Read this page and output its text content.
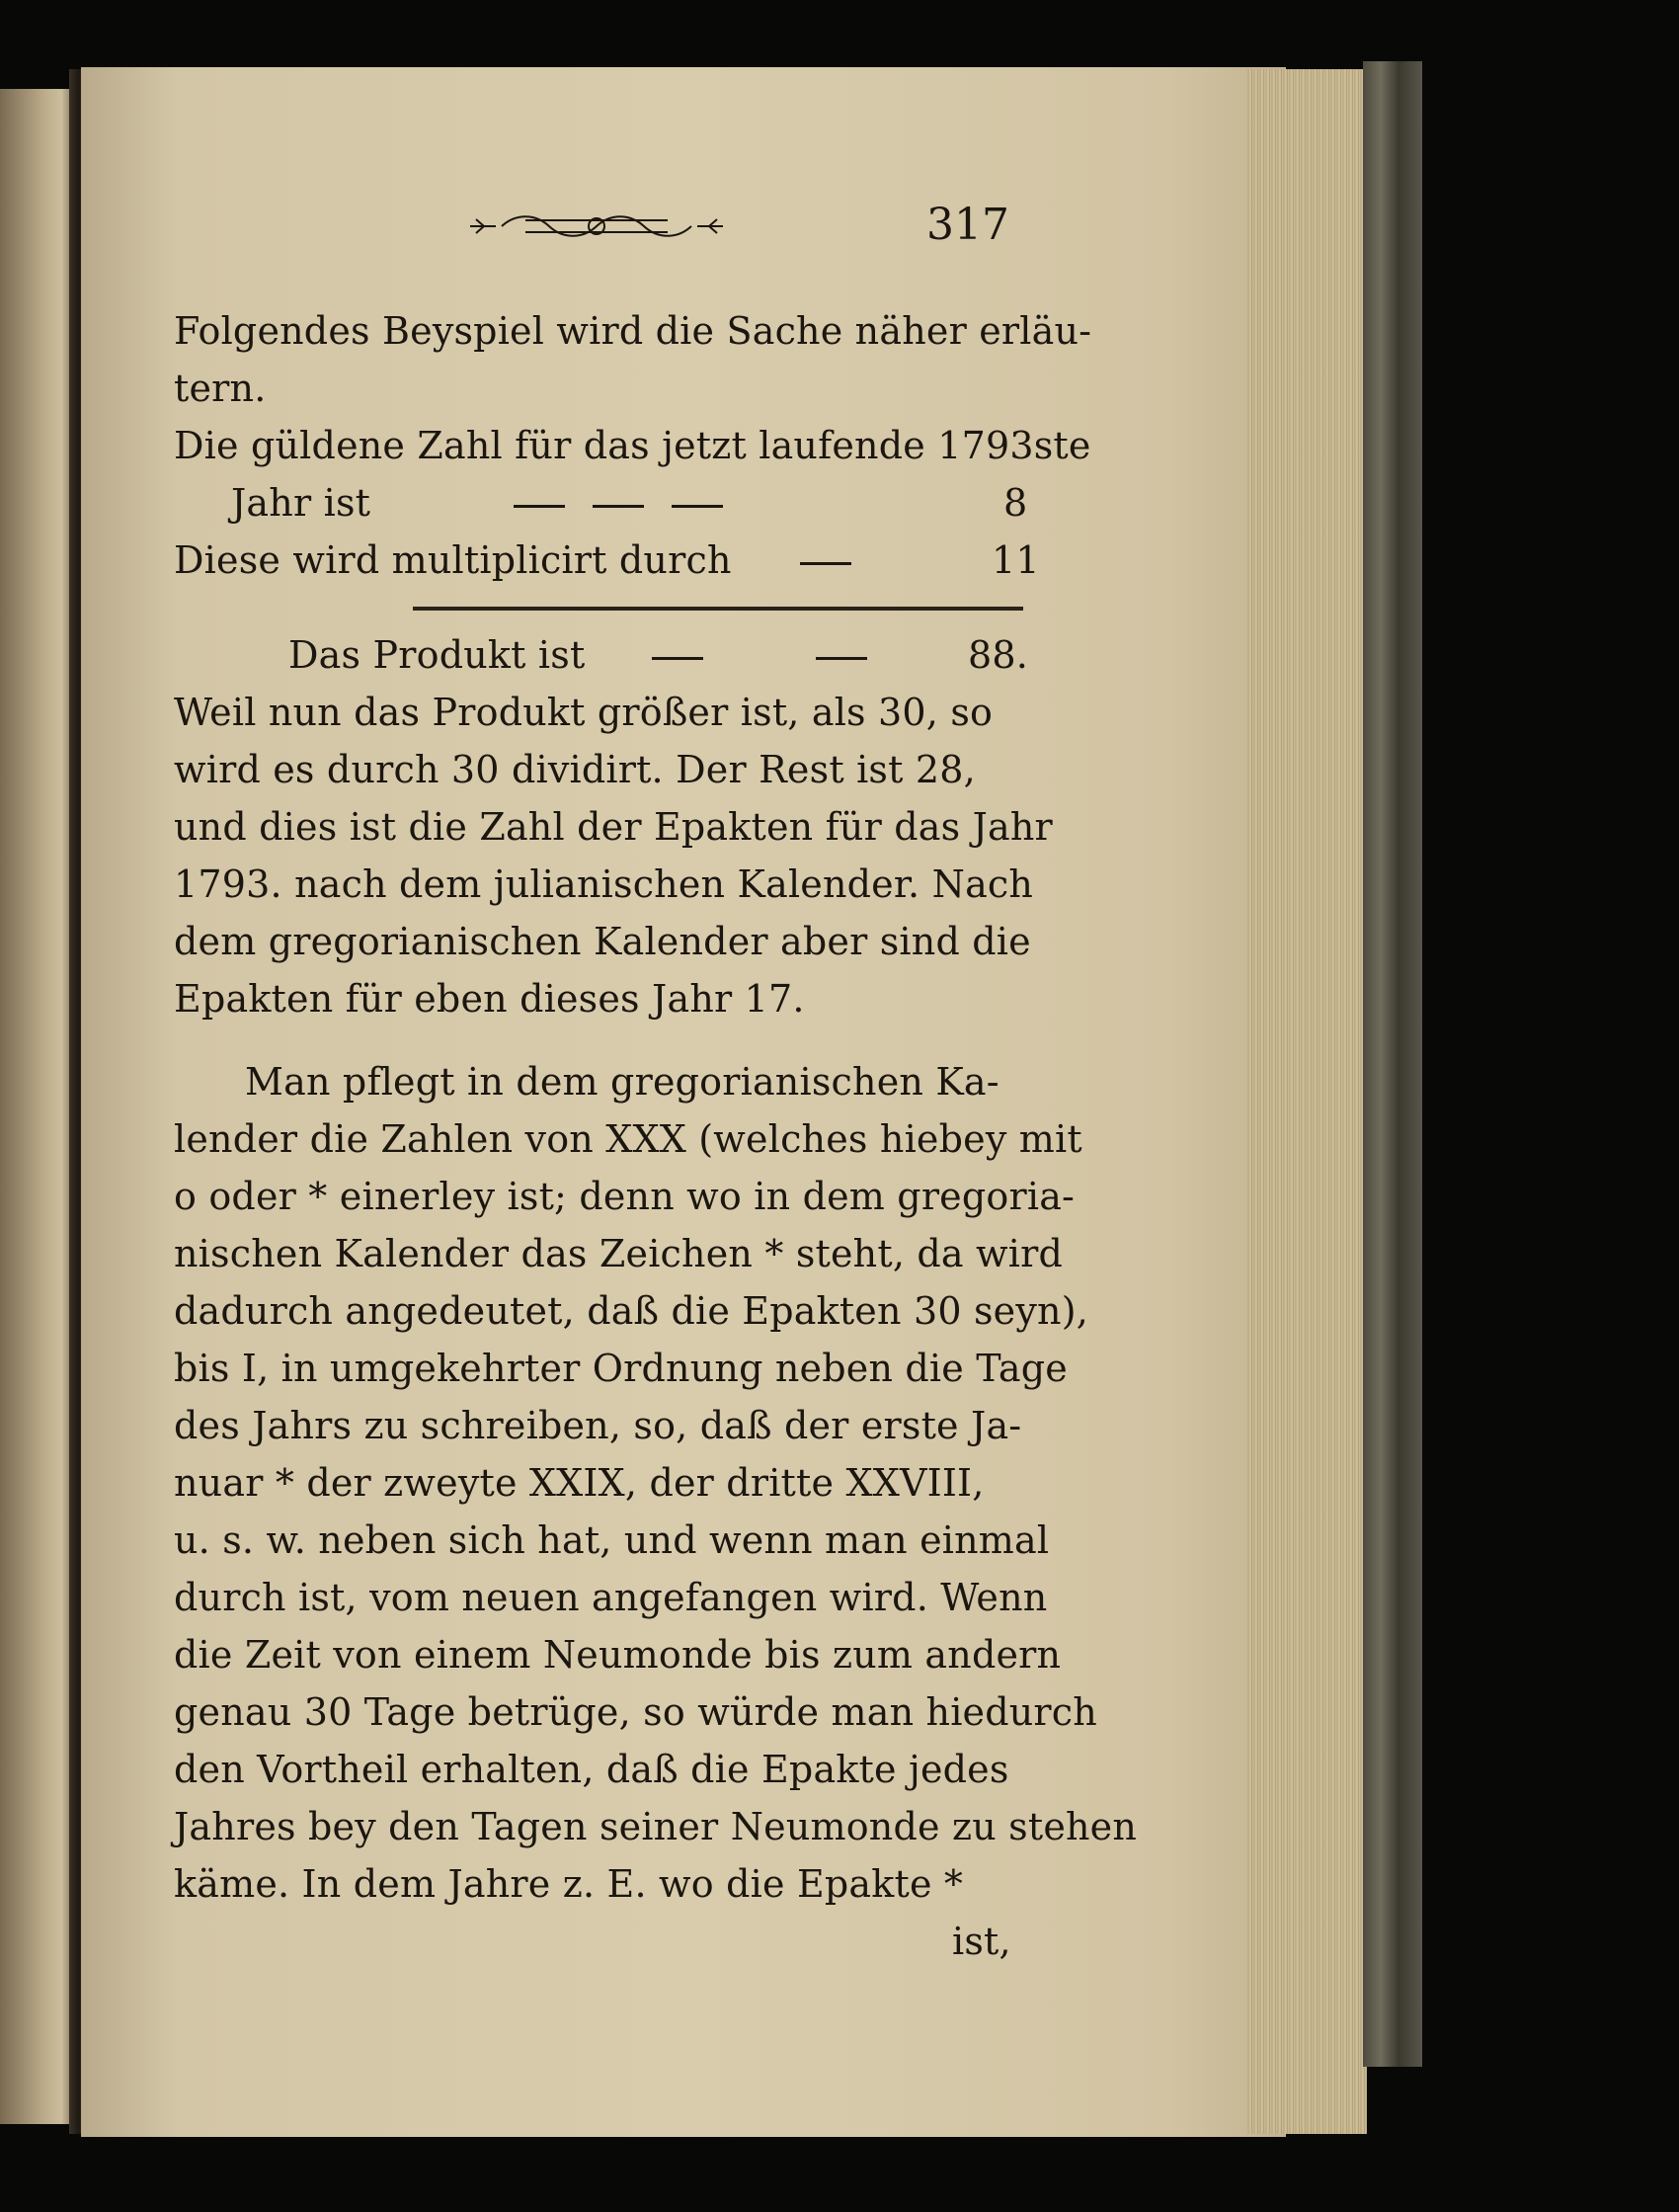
317
Folgendes Beyspiel wird die Sache näher erläu-
tern.
Die güldene Zahl für das jetzt laufende 1793ste
Jahr ist	8
Diese wird multiplicirt durch	11
Das Produkt ist	88.
Weil nun das Produkt größer ist, als 30, so
wird es durch 30 dividirt. Der Rest ist 28,
und dies ist die Zahl der Epakten für das Jahr
1793. nach dem julianischen Kalender. Nach
dem gregorianischen Kalender aber sind die
Epakten für eben dieses Jahr 17.
Man pflegt in dem gregorianischen Ka-
lender die Zahlen von XXX (welches hiebey mit
o oder * einerley ist; denn wo in dem gregoria-
nischen Kalender das Zeichen * steht, da wird
dadurch angedeutet, daß die Epakten 30 seyn),
bis I, in umgekehrter Ordnung neben die Tage
des Jahrs zu schreiben, so, daß der erste Ja-
nuar * der zweyte XXIX, der dritte XXVIII,
u. s. w. neben sich hat, und wenn man einmal
durch ist, vom neuen angefangen wird. Wenn
die Zeit von einem Neumonde bis zum andern
genau 30 Tage betrüge, so würde man hiedurch
den Vortheil erhalten, daß die Epakte jedes
Jahres bey den Tagen seiner Neumonde zu stehen
käme. In dem Jahre z. E. wo die Epakte *
ist,
